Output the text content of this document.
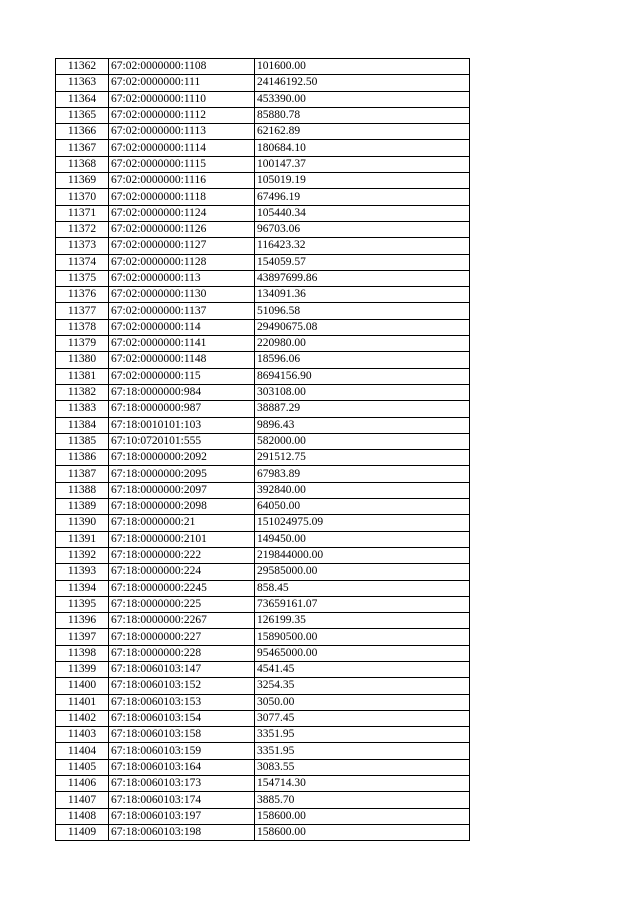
11362	67:02:0000000:1108	101600.00
11363	67:02:0000000:111	24146192.50
11364	67:02:0000000:1110	453390.00
11365	67:02:0000000:1112	85880.78
11366	67:02:0000000:1113	62162.89
11367	67:02:0000000:1114	180684.10
11368	67:02:0000000:1115	100147.37
11369	67:02:0000000:1116	105019.19
11370	67:02:0000000:1118	67496.19
11371	67:02:0000000:1124	105440.34
11372	67:02:0000000:1126	96703.06
11373	67:02:0000000:1127	116423.32
11374	67:02:0000000:1128	154059.57
11375	67:02:0000000:113	43897699.86
11376	67:02:0000000:1130	134091.36
11377	67:02:0000000:1137	51096.58
11378	67:02:0000000:114	29490675.08
11379	67:02:0000000:1141	220980.00
11380	67:02:0000000:1148	18596.06
11381	67:02:0000000:115	8694156.90
11382	67:18:0000000:984	303108.00
11383	67:18:0000000:987	38887.29
11384	67:18:0010101:103	9896.43
11385	67:10:0720101:555	582000.00
11386	67:18:0000000:2092	291512.75
11387	67:18:0000000:2095	67983.89
11388	67:18:0000000:2097	392840.00
11389	67:18:0000000:2098	64050.00
11390	67:18:0000000:21	151024975.09
11391	67:18:0000000:2101	149450.00
11392	67:18:0000000:222	219844000.00
11393	67:18:0000000:224	29585000.00
11394	67:18:0000000:2245	858.45
11395	67:18:0000000:225	73659161.07
11396	67:18:0000000:2267	126199.35
11397	67:18:0000000:227	15890500.00
11398	67:18:0000000:228	95465000.00
11399	67:18:0060103:147	4541.45
11400	67:18:0060103:152	3254.35
11401	67:18:0060103:153	3050.00
11402	67:18:0060103:154	3077.45
11403	67:18:0060103:158	3351.95
11404	67:18:0060103:159	3351.95
11405	67:18:0060103:164	3083.55
11406	67:18:0060103:173	154714.30
11407	67:18:0060103:174	3885.70
11408	67:18:0060103:197	158600.00
11409	67:18:0060103:198	158600.00
